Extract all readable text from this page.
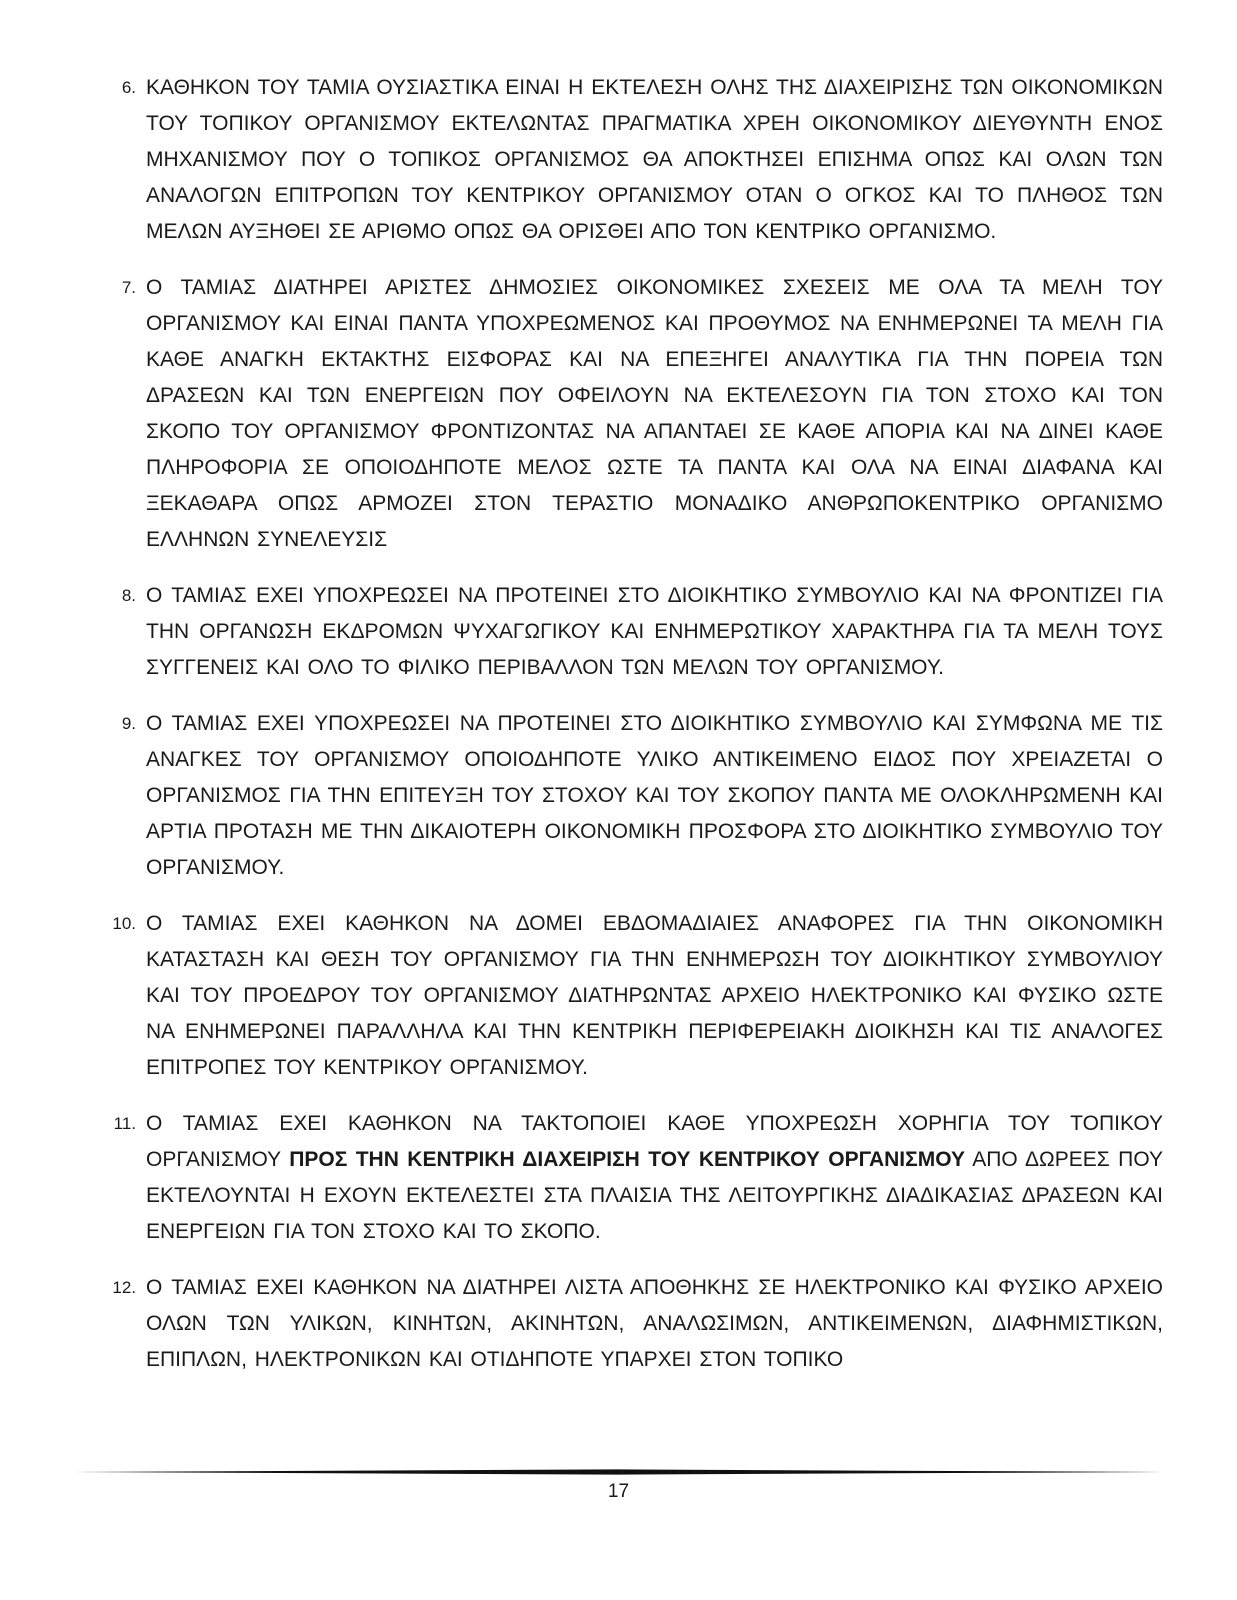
6. ΚΑΘΗΚΟΝ ΤΟΥ ΤΑΜΙΑ ΟΥΣΙΑΣΤΙΚΑ ΕΙΝΑΙ Η ΕΚΤΕΛΕΣΗ ΟΛΗΣ ΤΗΣ ΔΙΑΧΕΙΡΙΣΗΣ ΤΩΝ ΟΙΚΟΝΟΜΙΚΩΝ ΤΟΥ ΤΟΠΙΚΟΥ ΟΡΓΑΝΙΣΜΟΥ ΕΚΤΕΛΩΝΤΑΣ ΠΡΑΓΜΑΤΙΚΑ ΧΡΕΗ ΟΙΚΟΝΟΜΙΚΟΥ ΔΙΕΥΘΥΝΤΗ ΕΝΟΣ ΜΗΧΑΝΙΣΜΟΥ ΠΟΥ Ο ΤΟΠΙΚΟΣ ΟΡΓΑΝΙΣΜΟΣ ΘΑ ΑΠΟΚΤΗΣΕΙ ΕΠΙΣΗΜΑ ΟΠΩΣ ΚΑΙ ΟΛΩΝ ΤΩΝ ΑΝΑΛΟΓΩΝ ΕΠΙΤΡΟΠΩΝ ΤΟΥ ΚΕΝΤΡΙΚΟΥ ΟΡΓΑΝΙΣΜΟΥ ΟΤΑΝ Ο ΟΓΚΟΣ ΚΑΙ ΤΟ ΠΛΗΘΟΣ ΤΩΝ ΜΕΛΩΝ ΑΥΞΗΘΕΙ ΣΕ ΑΡΙΘΜΟ ΟΠΩΣ ΘΑ ΟΡΙΣΘΕΙ ΑΠΟ ΤΟΝ ΚΕΝΤΡΙΚΟ ΟΡΓΑΝΙΣΜΟ.
7. Ο ΤΑΜΙΑΣ ΔΙΑΤΗΡΕΙ ΑΡΙΣΤΕΣ ΔΗΜΟΣΙΕΣ ΟΙΚΟΝΟΜΙΚΕΣ ΣΧΕΣΕΙΣ ΜΕ ΟΛΑ ΤΑ ΜΕΛΗ ΤΟΥ ΟΡΓΑΝΙΣΜΟΥ ΚΑΙ ΕΙΝΑΙ ΠΑΝΤΑ ΥΠΟΧΡΕΩΜΕΝΟΣ ΚΑΙ ΠΡΟΘΥΜΟΣ ΝΑ ΕΝΗΜΕΡΩΝΕΙ ΤΑ ΜΕΛΗ ΓΙΑ ΚΑΘΕ ΑΝΑΓΚΗ ΕΚΤΑΚΤΗΣ ΕΙΣΦΟΡΑΣ ΚΑΙ ΝΑ ΕΠΕΞΗΓΕΙ ΑΝΑΛΥΤΙΚΑ ΓΙΑ ΤΗΝ ΠΟΡΕΙΑ ΤΩΝ ΔΡΑΣΕΩΝ ΚΑΙ ΤΩΝ ΕΝΕΡΓΕΙΩΝ ΠΟΥ ΟΦΕΙΛΟΥΝ ΝΑ ΕΚΤΕΛΕΣΟΥΝ ΓΙΑ ΤΟΝ ΣΤΟΧΟ ΚΑΙ ΤΟΝ ΣΚΟΠΟ ΤΟΥ ΟΡΓΑΝΙΣΜΟΥ ΦΡΟΝΤΙΖΟΝΤΑΣ ΝΑ ΑΠΑΝΤΑΕΙ ΣΕ ΚΑΘΕ ΑΠΟΡΙΑ ΚΑΙ ΝΑ ΔΙΝΕΙ ΚΑΘΕ ΠΛΗΡΟΦΟΡΙΑ ΣΕ ΟΠΟΙΟΔΗΠΟΤΕ ΜΕΛΟΣ ΩΣΤΕ ΤΑ ΠΑΝΤΑ ΚΑΙ ΟΛΑ ΝΑ ΕΙΝΑΙ ΔΙΑΦΑΝΑ ΚΑΙ ΞΕΚΑΘΑΡΑ ΟΠΩΣ ΑΡΜΟΖΕΙ ΣΤΟΝ ΤΕΡΑΣΤΙΟ ΜΟΝΑΔΙΚΟ ΑΝΘΡΩΠΟΚΕΝΤΡΙΚΟ ΟΡΓΑΝΙΣΜΟ ΕΛΛΗΝΩΝ ΣΥΝΕΛΕΥΣΙΣ
8. Ο ΤΑΜΙΑΣ ΕΧΕΙ ΥΠΟΧΡΕΩΣΕΙ ΝΑ ΠΡΟΤΕΙΝΕΙ ΣΤΟ ΔΙΟΙΚΗΤΙΚΟ ΣΥΜΒΟΥΛΙΟ ΚΑΙ ΝΑ ΦΡΟΝΤΙΖΕΙ ΓΙΑ ΤΗΝ ΟΡΓΑΝΩΣΗ ΕΚΔΡΟΜΩΝ ΨΥΧΑΓΩΓΙΚΟΥ ΚΑΙ ΕΝΗΜΕΡΩΤΙΚΟΥ ΧΑΡΑΚΤΗΡΑ ΓΙΑ ΤΑ ΜΕΛΗ ΤΟΥΣ ΣΥΓΓΕΝΕΙΣ ΚΑΙ ΟΛΟ ΤΟ ΦΙΛΙΚΟ ΠΕΡΙΒΑΛΛΟΝ ΤΩΝ ΜΕΛΩΝ ΤΟΥ ΟΡΓΑΝΙΣΜΟΥ.
9. Ο ΤΑΜΙΑΣ ΕΧΕΙ ΥΠΟΧΡΕΩΣΕΙ ΝΑ ΠΡΟΤΕΙΝΕΙ ΣΤΟ ΔΙΟΙΚΗΤΙΚΟ ΣΥΜΒΟΥΛΙΟ ΚΑΙ ΣΥΜΦΩΝΑ ΜΕ ΤΙΣ ΑΝΑΓΚΕΣ ΤΟΥ ΟΡΓΑΝΙΣΜΟΥ ΟΠΟΙΟΔΗΠΟΤΕ ΥΛΙΚΟ ΑΝΤΙΚΕΙΜΕΝΟ ΕΙΔΟΣ ΠΟΥ ΧΡΕΙΑΖΕΤΑΙ Ο ΟΡΓΑΝΙΣΜΟΣ ΓΙΑ ΤΗΝ ΕΠΙΤΕΥΞΗ ΤΟΥ ΣΤΟΧΟΥ ΚΑΙ ΤΟΥ ΣΚΟΠΟΥ ΠΑΝΤΑ ΜΕ ΟΛΟΚΛΗΡΩΜΕΝΗ ΚΑΙ ΑΡΤΙΑ ΠΡΟΤΑΣΗ ΜΕ ΤΗΝ ΔΙΚΑΙΟΤΕΡΗ ΟΙΚΟΝΟΜΙΚΗ ΠΡΟΣΦΟΡΑ ΣΤΟ ΔΙΟΙΚΗΤΙΚΟ ΣΥΜΒΟΥΛΙΟ ΤΟΥ ΟΡΓΑΝΙΣΜΟΥ.
10. Ο ΤΑΜΙΑΣ ΕΧΕΙ ΚΑΘΗΚΟΝ ΝΑ ΔΟΜΕΙ ΕΒΔΟΜΑΔΙΑΙΕΣ ΑΝΑΦΟΡΕΣ ΓΙΑ ΤΗΝ ΟΙΚΟΝΟΜΙΚΗ ΚΑΤΑΣΤΑΣΗ ΚΑΙ ΘΕΣΗ ΤΟΥ ΟΡΓΑΝΙΣΜΟΥ ΓΙΑ ΤΗΝ ΕΝΗΜΕΡΩΣΗ ΤΟΥ ΔΙΟΙΚΗΤΙΚΟΥ ΣΥΜΒΟΥΛΙΟΥ ΚΑΙ ΤΟΥ ΠΡΟΕΔΡΟΥ ΤΟΥ ΟΡΓΑΝΙΣΜΟΥ ΔΙΑΤΗΡΩΝΤΑΣ ΑΡΧΕΙΟ ΗΛΕΚΤΡΟΝΙΚΟ ΚΑΙ ΦΥΣΙΚΟ ΩΣΤΕ ΝΑ ΕΝΗΜΕΡΩΝΕΙ ΠΑΡΑΛΛΗΛΑ ΚΑΙ ΤΗΝ ΚΕΝΤΡΙΚΗ ΠΕΡΙΦΕΡΕΙΑΚΗ ΔΙΟΙΚΗΣΗ ΚΑΙ ΤΙΣ ΑΝΑΛΟΓΕΣ ΕΠΙΤΡΟΠΕΣ ΤΟΥ ΚΕΝΤΡΙΚΟΥ ΟΡΓΑΝΙΣΜΟΥ.
11. Ο ΤΑΜΙΑΣ ΕΧΕΙ ΚΑΘΗΚΟΝ ΝΑ ΤΑΚΤΟΠΟΙΕΙ ΚΑΘΕ ΥΠΟΧΡΕΩΣΗ ΧΟΡΗΓΙΑ ΤΟΥ ΤΟΠΙΚΟΥ ΟΡΓΑΝΙΣΜΟΥ ΠΡΟΣ ΤΗΝ ΚΕΝΤΡΙΚΗ ΔΙΑΧΕΙΡΙΣΗ ΤΟΥ ΚΕΝΤΡΙΚΟΥ ΟΡΓΑΝΙΣΜΟΥ ΑΠΟ ΔΩΡΕΕΣ ΠΟΥ ΕΚΤΕΛΟΥΝΤΑΙ Η ΕΧΟΥΝ ΕΚΤΕΛΕΣΤΕΙ ΣΤΑ ΠΛΑΙΣΙΑ ΤΗΣ ΛΕΙΤΟΥΡΓΙΚΗΣ ΔΙΑΔΙΚΑΣΙΑΣ ΔΡΑΣΕΩΝ ΚΑΙ ΕΝΕΡΓΕΙΩΝ ΓΙΑ ΤΟΝ ΣΤΟΧΟ ΚΑΙ ΤΟ ΣΚΟΠΟ.
12. Ο ΤΑΜΙΑΣ ΕΧΕΙ ΚΑΘΗΚΟΝ ΝΑ ΔΙΑΤΗΡΕΙ ΛΙΣΤΑ ΑΠΟΘΗΚΗΣ ΣΕ ΗΛΕΚΤΡΟΝΙΚΟ ΚΑΙ ΦΥΣΙΚΟ ΑΡΧΕΙΟ ΟΛΩΝ ΤΩΝ ΥΛΙΚΩΝ, ΚΙΝΗΤΩΝ, ΑΚΙΝΗΤΩΝ, ΑΝΑΛΩΣΙΜΩΝ, ΑΝΤΙΚΕΙΜΕΝΩΝ, ΔΙΑΦΗΜΙΣΤΙΚΩΝ, ΕΠΙΠΛΩΝ, ΗΛΕΚΤΡΟΝΙΚΩΝ ΚΑΙ ΟΤΙΔΗΠΟΤΕ ΥΠΑΡΧΕΙ ΣΤΟΝ ΤΟΠΙΚΟ
17
